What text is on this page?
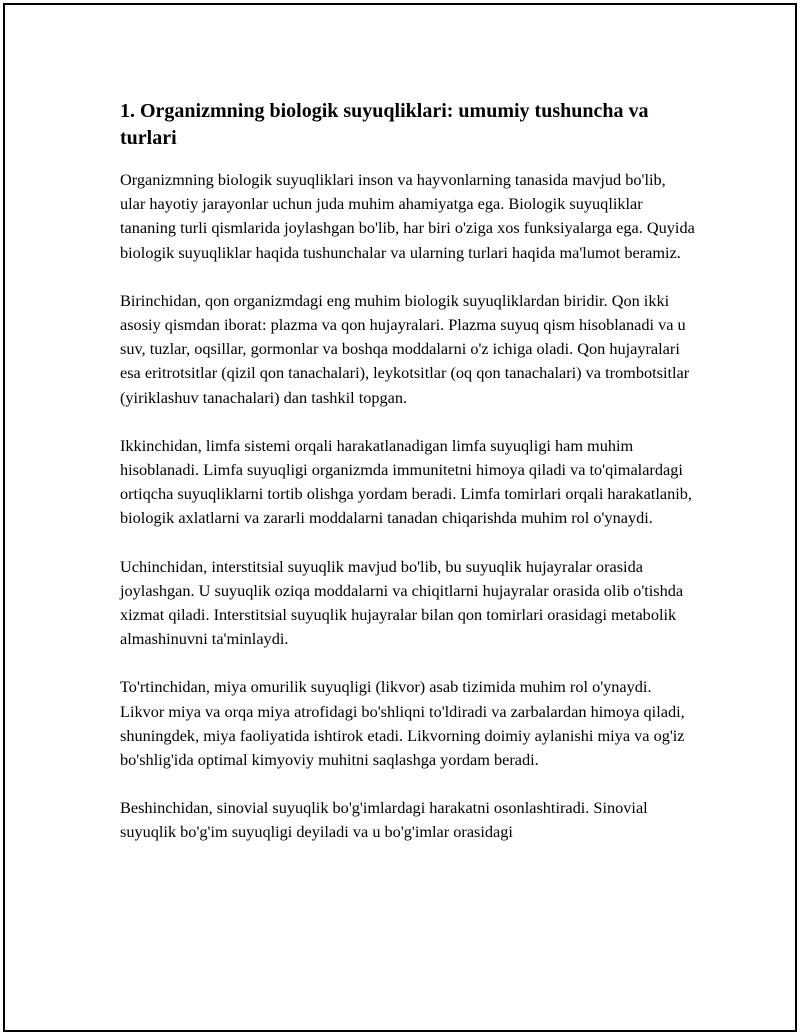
1. Organizmning biologik suyuqliklari: umumiy tushuncha va turlari

Organizmning biologik suyuqliklari inson va hayvonlarning tanasida mavjud bo'lib, ular hayotiy jarayonlar uchun juda muhim ahamiyatga ega. Biologik suyuqliklar tananing turli qismlarida joylashgan bo'lib, har biri o'ziga xos funksiyalarga ega. Quyida biologik suyuqliklar haqida tushunchalar va ularning turlari haqida ma'lumot beramiz.

Birinchidan, qon organizmdagi eng muhim biologik suyuqliklardan biridir. Qon ikki asosiy qismdan iborat: plazma va qon hujayralari. Plazma suyuq qism hisoblanadi va u suv, tuzlar, oqsillar, gormonlar va boshqa moddalarni o'z ichiga oladi. Qon hujayralari esa eritrotsitlar (qizil qon tanachalari), leykotsitlar (oq qon tanachalari) va trombotsitlar (yiriklashuv tanachalari) dan tashkil topgan.

Ikkinchidan, limfa sistemi orqali harakatlanadigan limfa suyuqligi ham muhim hisoblanadi. Limfa suyuqligi organizmda immunitetni himoya qiladi va to'qimalardagi ortiqcha suyuqliklarni tortib olishga yordam beradi. Limfa tomirlari orqali harakatlanib, biologik axlatlarni va zararli moddalarni tanadan chiqarishda muhim rol o'ynaydi.

Uchinchidan, interstitsial suyuqlik mavjud bo'lib, bu suyuqlik hujayralar orasida joylashgan. U suyuqlik oziqa moddalarni va chiqitlarni hujayralar orasida olib o'tishda xizmat qiladi. Interstitsial suyuqlik hujayralar bilan qon tomirlari orasidagi metabolik almashinuvni ta'minlaydi.

To'rtinchidan, miya omurilik suyuqligi (likvor) asab tizimida muhim rol o'ynaydi. Likvor miya va orqa miya atrofidagi bo'shliqni to'ldiradi va zarbalardan himoya qiladi, shuningdek, miya faoliyatida ishtirok etadi. Likvorning doimiy aylanishi miya va og'iz bo'shlig'ida optimal kimyoviy muhitni saqlashga yordam beradi.

Beshinchidan, sinovial suyuqlik bo'g'imlardagi harakatni osonlashtiradi. Sinovial suyuqlik bo'g'im suyuqligi deyiladi va u bo'g'imlar orasidagi
